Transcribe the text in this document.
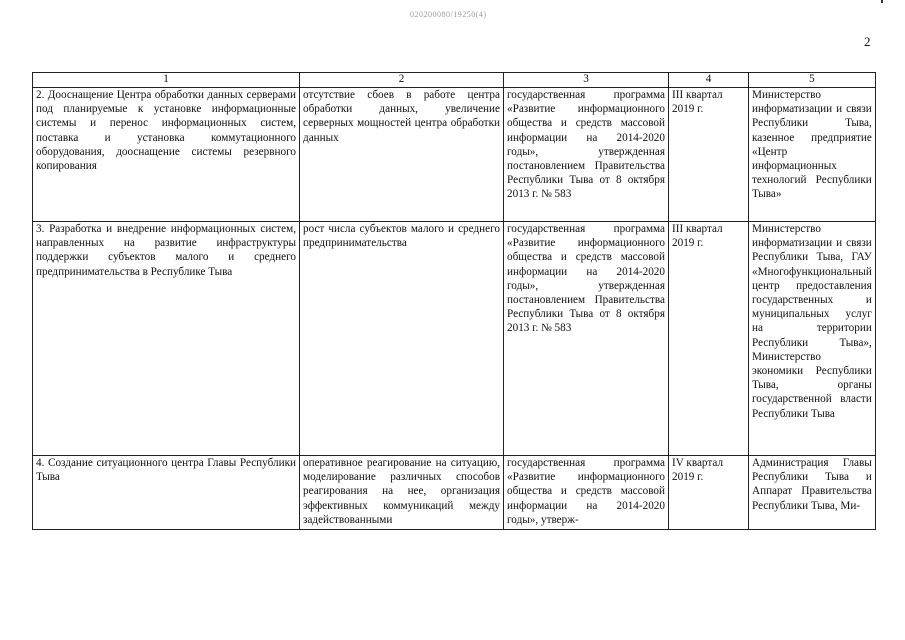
020200080/19250(4)
2
1	2	3	4	5
2. Дооснащение Центра обработки данных серверами под планируемые к установке информационные системы и перенос информационных систем, поставка и установка коммутационного оборудования, дооснащение системы резервного копирования	отсутствие сбоев в работе центра обработки данных, увеличение серверных мощностей центра обработки данных	государственная программа «Развитие информационного общества и средств массовой информации на 2014-2020 годы», утвержденная постановлением Правительства Республики Тыва от 8 октября 2013 г. № 583	III квартал 2019 г.	Министерство информатизации и связи Республики Тыва, казенное предприятие «Центр информационных технологий Республики Тыва»
3. Разработка и внедрение информационных систем, направленных на развитие инфраструктуры поддержки субъектов малого и среднего предпринимательства в Республике Тыва	рост числа субъектов малого и среднего предпринимательства	государственная программа «Развитие информационного общества и средств массовой информации на 2014-2020 годы», утвержденная постановлением Правительства Республики Тыва от 8 октября 2013 г. № 583	III квартал 2019 г.	Министерство информатизации и связи Республики Тыва, ГАУ «Многофункциональный центр предоставления государственных и муниципальных услуг на территории Республики Тыва», Министерство экономики Республики Тыва, органы государственной власти Республики Тыва
4. Создание ситуационного центра Главы Республики Тыва	оперативное реагирование на ситуацию, моделирование различных способов реагирования на нее, организация эффективных коммуникаций между задействованными	государственная программа «Развитие информационного общества и средств массовой информации на 2014-2020 годы», утверж-	IV квартал 2019 г.	Администрация Главы Республики Тыва и Аппарат Правительства Республики Тыва, Ми-
